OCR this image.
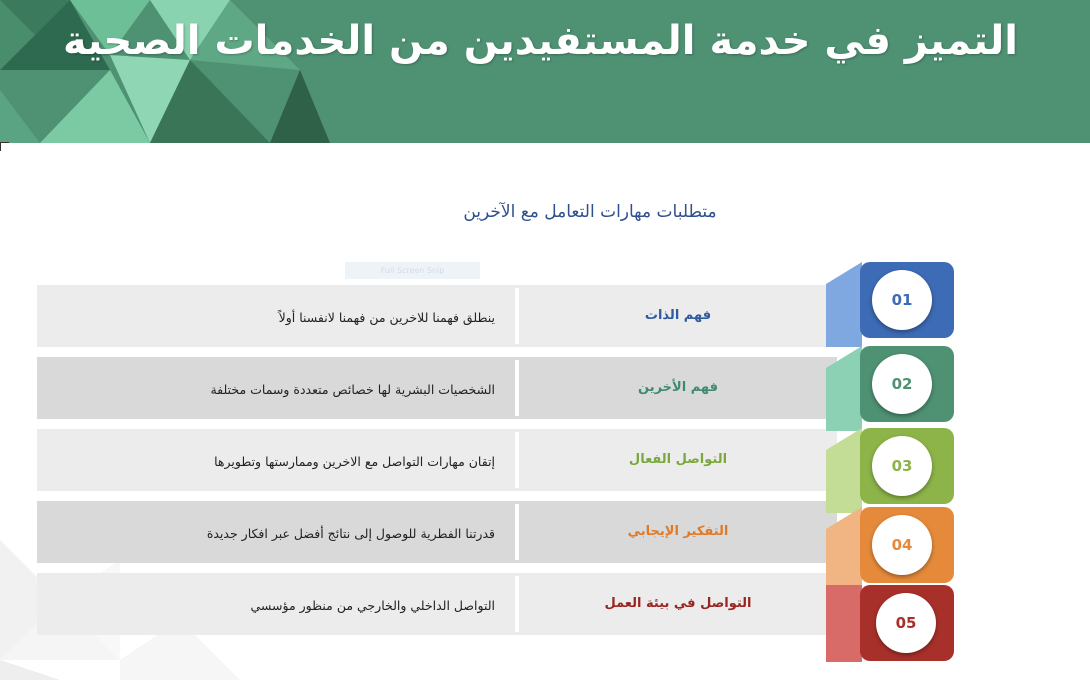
التميز في خدمة المستفيدين من الخدمات الصحية
متطلبات مهارات التعامل مع الآخرين
Full Screen Snip
ينطلق فهمنا للاخرين من فهمنا لانفسنا أولاً	فهم الذات
الشخصيات البشرية لها خصائص متعددة وسمات مختلفة	فهم الأخرين
إتقان مهارات التواصل مع الاخرين وممارستها وتطويرها	التواصل الفعال
قدرتنا الفطرية للوصول إلى نتائج أفضل عبر افكار جديدة	التفكير الإيجابي
التواصل الداخلي والخارجي من منظور مؤسسي	التواصل في بيئة العمل
01
02
03
04
05
